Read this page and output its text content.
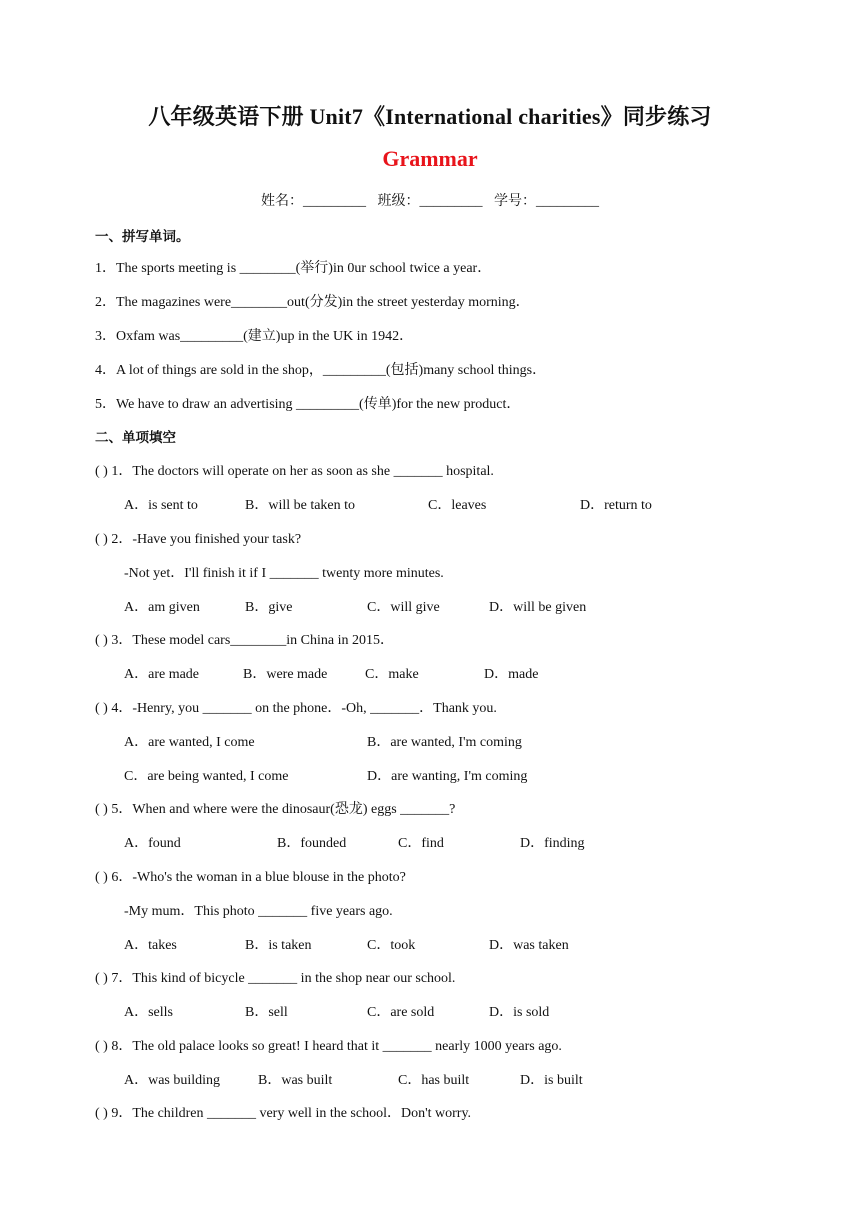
八年级英语下册 Unit7《International charities》同步练习
Grammar
姓名：_________ 班级：_________ 学号：_________
一、拼写单词。
1．The sports meeting is ________(举行)in 0ur school twice a year．
2．The magazines were________out(分发)in the street yesterday morning．
3．Oxfam was_________(建立)up in the UK in 1942．
4．A lot of things are sold in the shop，_________(包括)many school things．
5．We have to draw an advertising _________(传单)for the new product．
二、单项填空
( ) 1．The doctors will operate on her as soon as she _______ hospital.
A．is sent to	B．will be taken to	C．leaves	D．return to
( ) 2．-Have you finished your task?
-Not yet．I'll finish it if I _______ twenty more minutes.
A．am given	B．give	C．will give	D．will be given
( ) 3．These model cars________in China in 2015．
A．are made	B．were made	C．make	D．made
( ) 4．-Henry, you _______ on the phone．-Oh, _______．Thank you.
A．are wanted, I come	B．are wanted, I'm coming
C．are being wanted, I come	D．are wanting, I'm coming
( ) 5．When and where were the dinosaur(恐龙) eggs _______?
A．found	B．founded	C．find	D．finding
( ) 6．-Who's the woman in a blue blouse in the photo?
-My mum．This photo _______ five years ago.
A．takes	B．is taken	C．took	D．was taken
( ) 7．This kind of bicycle _______ in the shop near our school.
A．sells	B．sell	C．are sold	D．is sold
( ) 8．The old palace looks so great! I heard that it _______ nearly 1000 years ago.
A．was building	B．was built	C．has built	D．is built
( ) 9．The children _______ very well in the school．Don't worry.
